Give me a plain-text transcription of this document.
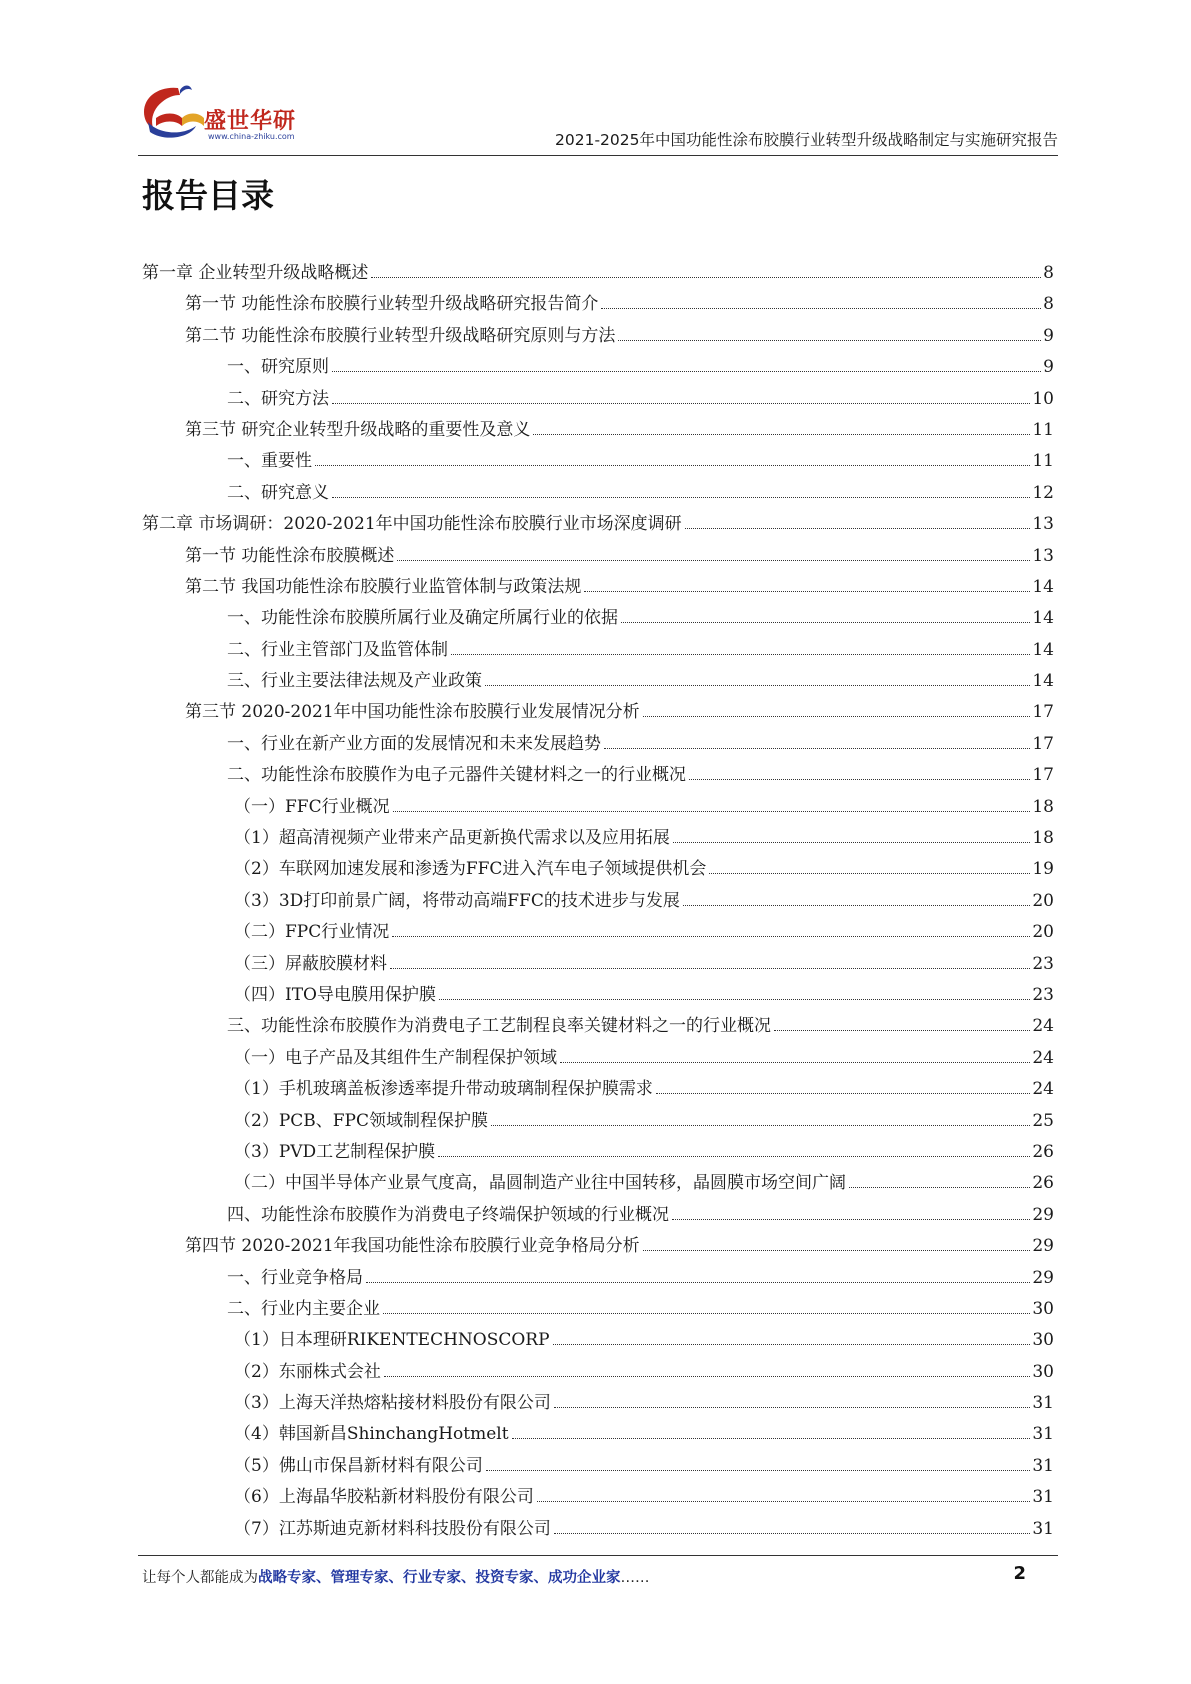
盛世华研
www.china-zhiku.com	2021-2025年中国功能性涂布胶膜行业转型升级战略制定与实施研究报告
报告目录
第一章 企业转型升级战略概述	8
第一节 功能性涂布胶膜行业转型升级战略研究报告简介	8
第二节 功能性涂布胶膜行业转型升级战略研究原则与方法	9
一、研究原则	9
二、研究方法	10
第三节 研究企业转型升级战略的重要性及意义	11
一、重要性	11
二、研究意义	12
第二章 市场调研：2020-2021年中国功能性涂布胶膜行业市场深度调研	13
第一节 功能性涂布胶膜概述	13
第二节 我国功能性涂布胶膜行业监管体制与政策法规	14
一、功能性涂布胶膜所属行业及确定所属行业的依据	14
二、行业主管部门及监管体制	14
三、行业主要法律法规及产业政策	14
第三节 2020-2021年中国功能性涂布胶膜行业发展情况分析	17
一、行业在新产业方面的发展情况和未来发展趋势	17
二、功能性涂布胶膜作为电子元器件关键材料之一的行业概况	17
（一）FFC行业概况	18
（1）超高清视频产业带来产品更新换代需求以及应用拓展	18
（2）车联网加速发展和渗透为FFC进入汽车电子领域提供机会	19
（3）3D打印前景广阔，将带动高端FFC的技术进步与发展	20
（二）FPC行业情况	20
（三）屏蔽胶膜材料	23
（四）ITO导电膜用保护膜	23
三、功能性涂布胶膜作为消费电子工艺制程良率关键材料之一的行业概况	24
（一）电子产品及其组件生产制程保护领域	24
（1）手机玻璃盖板渗透率提升带动玻璃制程保护膜需求	24
（2）PCB、FPC领域制程保护膜	25
（3）PVD工艺制程保护膜	26
（二）中国半导体产业景气度高，晶圆制造产业往中国转移，晶圆膜市场空间广阔	26
四、功能性涂布胶膜作为消费电子终端保护领域的行业概况	29
第四节 2020-2021年我国功能性涂布胶膜行业竞争格局分析	29
一、行业竞争格局	29
二、行业内主要企业	30
（1）日本理研RIKENTECHNOSCORP	30
（2）东丽株式会社	30
（3）上海天洋热熔粘接材料股份有限公司	31
（4）韩国新昌ShinchangHotmelt	31
（5）佛山市保昌新材料有限公司	31
（6）上海晶华胶粘新材料股份有限公司	31
（7）江苏斯迪克新材料科技股份有限公司	31
让每个人都能成为战略专家、管理专家、行业专家、投资专家、成功企业家……	2
